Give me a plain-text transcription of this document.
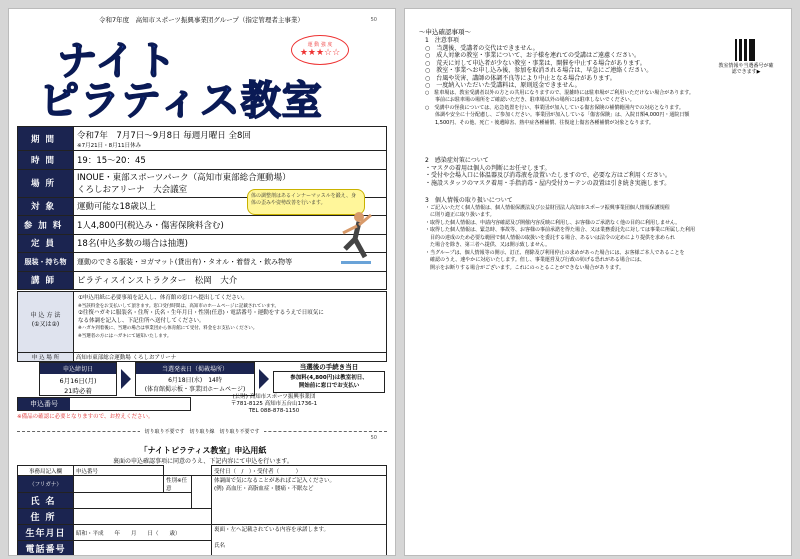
令和7年度　高知市スポーツ振興事業団グループ（指定管理者主事業）	50
ナイト
ピラティス教室
運 動 強 度
★★★☆☆
期間	令和7年　7月7日～9月8日 毎週月曜日 全8回
※7月21日・8月11日休み

時間	19：15～20：45
場所	INOUE・東部スポーツパーク（高知市東部総合運動場）
くろしおアリーナ　大会議室

対象	運動可能な18歳以上
参加料	1人4,800円(税込み・傷害保険料含む)
定員	18名(申込多数の場合は抽選)
服装・持ち物	運動のできる服装・ヨガマット(貸出有)・タオル・着替え・飲み物等
講師	ピラティスインストラクター　松岡　大介
体の調整剤はあるインナーマッスルを鍛え、身体の歪みや姿勢改善を行います。
申 込 方 法
(①又は②)
①申込用紙に必要事項を記入し、体育館の窓口へ提出してください。
※当該料金をお支払いして頂きます。窓口受付時間は、高知市のホームページに記載されています。
②往復ハガキに服装名・住所・氏名・生年月日・性別(任意)・電話番号・運動をするうえで日頃気に
なる体調を記入し、下記住所へ送付してください。
※ハガキ到着後に、当選の場合は事業団から体育館にて受付、料金をお支払いください。
※当選者の方にはハガキにて通知いたします。
申 込 場 所	高知市東部総合運動場 くろしおアリーナ
申込締切日
6月16日(月)
21時必着
当選発表日（掲載場所）
6月18日(水)　14時
(体育館掲示板・事業団ホームページ)
当選後の手続き当日
参加料(4,800円)は教室初日、
開始前に窓口でお支払い
申込番号
※備品の確認に必要となりますので、お控えください。
(公財) 高知市スポーツ振興事業団
〒781-8125 高知市五台山1736-1
TEL 088-878-1150
切り取り不要です　切り取り線　切り取り不要です
50
「ナイトピラティス教室」申込用紙
裏面の申込確認事項に同意のうえ、下記内容にて申込を行います。
事務局記入欄	申込番号			受付日（　/　）・受付者（　　　）
（フリガナ）		性別※任意		体調面で気になることがあればご記入ください。
(例) 高血圧・高脂血症・腰痛・不眠など

氏名				
住所				
生年月日	昭和・平成　　年　　月　　日（　　歳）			裏面・左へ記載されている内容を承諾します。
氏名

電話番号				
～申込確認事項～
教室情報や当選番号が確認できます▶

1　注意事項

○　当選後、受講者の交代はできません。

○　成人対象の教室・事業について、お子様を連れての受講はご遠慮ください。

○　荒天に対して申込者が少ない教室・事業は、開催を中止する場合があります。

○　教室・事業へお申し込み後、参加を取消される場合は、早急にご連絡ください。

○　台風や災害、講師の体調不良等により中止となる場合があります。

○　一度納入いただいた受講料は、原則返金できません。

○　駐車場は、教室受講者以外の方との共用になりますので、混雑時には駐車場がご利用いただけない場合があります。

　　事前にお駐車場の場所をご確認いただき、駐車場以外の場所には駐車しないでください。

○　受講中の怪我については、応急処置を行い、事業団が加入している傷害保険の補償範囲内での対応となります。

　　体調や安全に十分配慮し、ご参加ください。事業団が加入している「傷害保険」は、入院日額4,000円・通院日額

　　1,500円、その他、死亡・後遺障害、熱中症各種補償、往復途上傷害各種補償が対象となります。

2　感染症対策について

・マスクの着用は個人の判断にお任せします。

・受付や会場入口に体温器及び消毒液を設置いたしますので、必要な方はご利用ください。

・施設スタッフのマスク着用・手指消毒・屋内受付カーテンの設置は引き続き実施します。

3　個人情報の取り扱いについて

・ご記入いただく個人情報は、個人情報保護法及び公益財団法人高知市スポーツ振興事業団個人情報保護規程

　に則り適正に取り扱います。

・取得した個人情報は、申請内容確認及び開催内容反映に利用し、お客様のご承諾なく他の目的に利用しません。

・取得した個人情報は、緊急時、事故等、お客様の事前承諾を得た場合、又は業務委託先に対しては事業に所属した利用

　目的の達成のため必要な範囲で個人情報の取扱いを委託する場合、あるいは法令の定めにより提供を求められ

　た場合を除き、第三者へ提供、又は開示致しません。

・当グループは、個人情報等の開示、訂正、削除及び利用停止の求めがあった場合には、お客様ご本人であることを

　確認のうえ、速やかに対応いたします。但し、事業運営及び行政の妨げる恐れがある場合には、

　開示をお断りする場合がございます。これにのっとることができない場合があります。
